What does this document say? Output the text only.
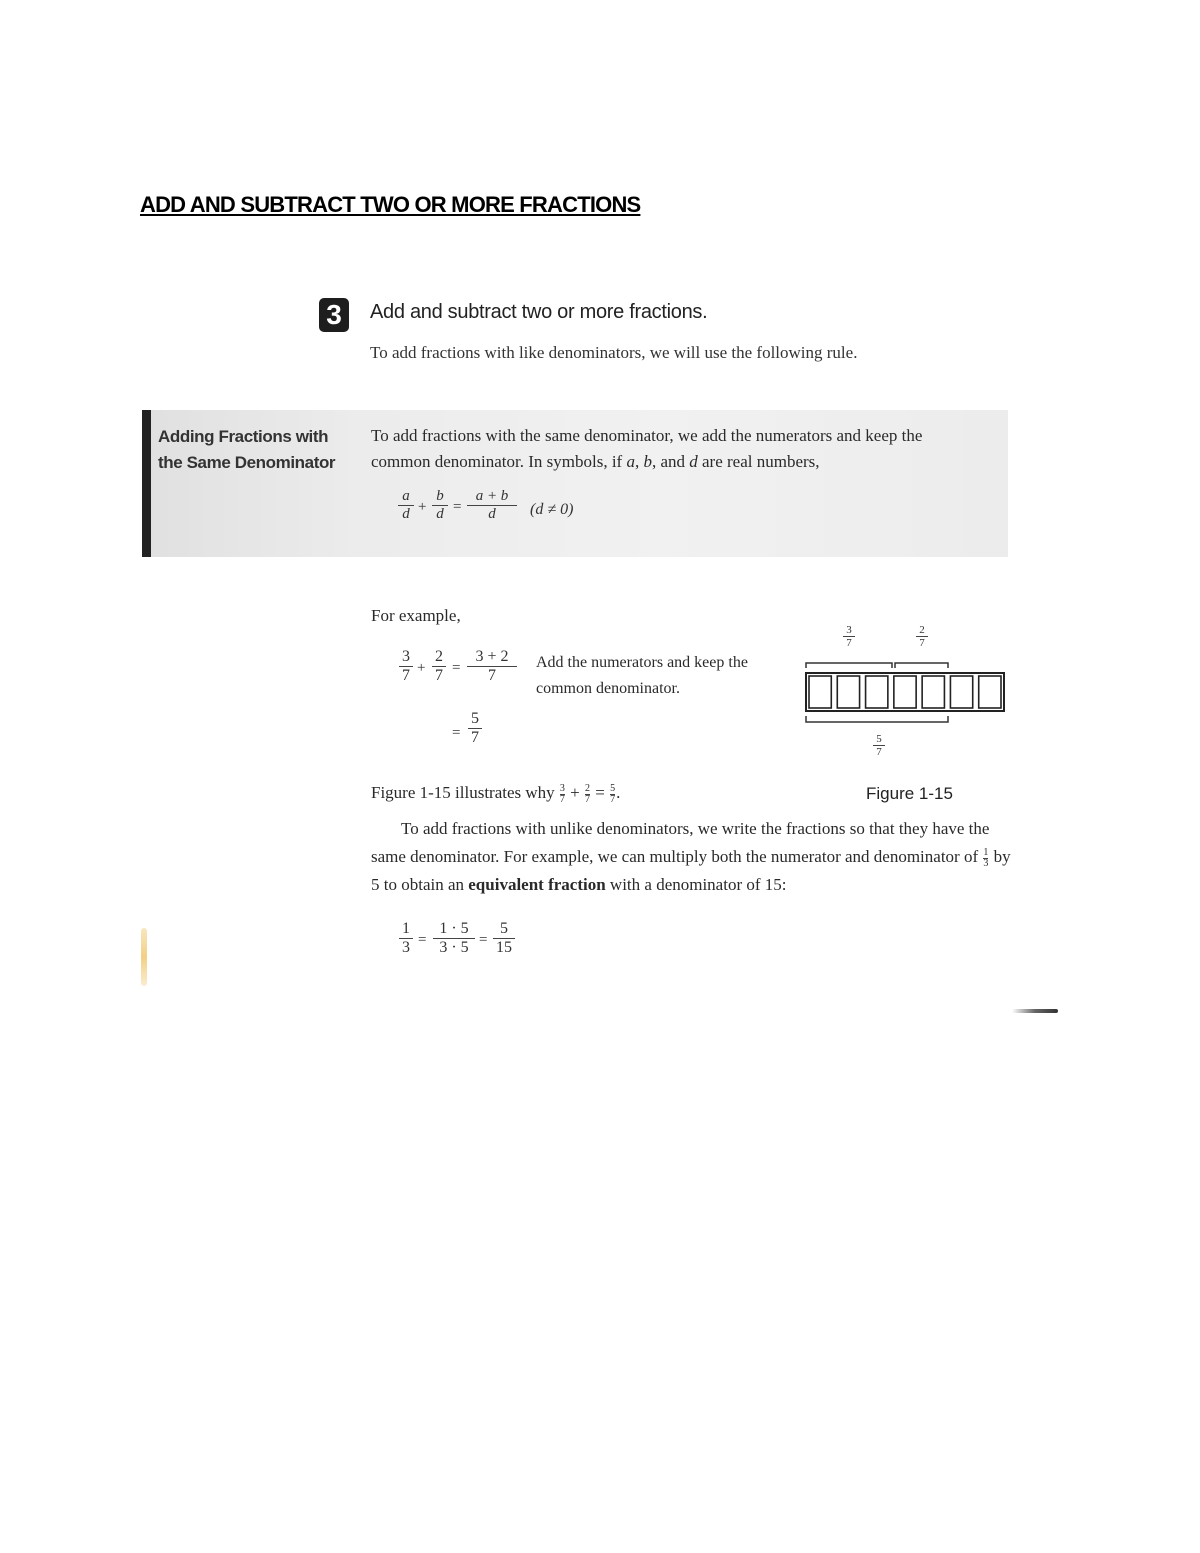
ADD AND SUBTRACT TWO OR MORE FRACTIONS
3	Add and subtract two or more fractions.
To add fractions with like denominators, we will use the following rule.
Adding Fractions with
the Same Denominator
To add fractions with the same denominator, we add the numerators and keep the common denominator. In symbols, if a, b, and d are real numbers,
$\frac{a}{d} + \frac{b}{d} = \frac{a + b}{d} (d \ne 0)$
For example,
$\frac{3}{7} + \frac{2}{7} = \frac{3 + 2}{7}$
= $\frac{5}{7}$
Add the numerators and keep the
common denominator.
$\frac{3}{7}$	$\frac{2}{7}$
$\frac{5}{7}$
Figure 1-15
Figure 1-15 illustrates why $\frac{3}{7} + \frac{2}{7} = \frac{5}{7}$ .
To add fractions with unlike denominators, we write the fractions so that they have the same denominator. For example, we can multiply both the numerator and denominator of $\frac{1}{3}$ by 5 to obtain an equivalent fraction with a denominator of 15:
$\frac{1}{3} = \frac{1 \cdot 5}{3 \cdot 5} = \frac{5}{15}$
